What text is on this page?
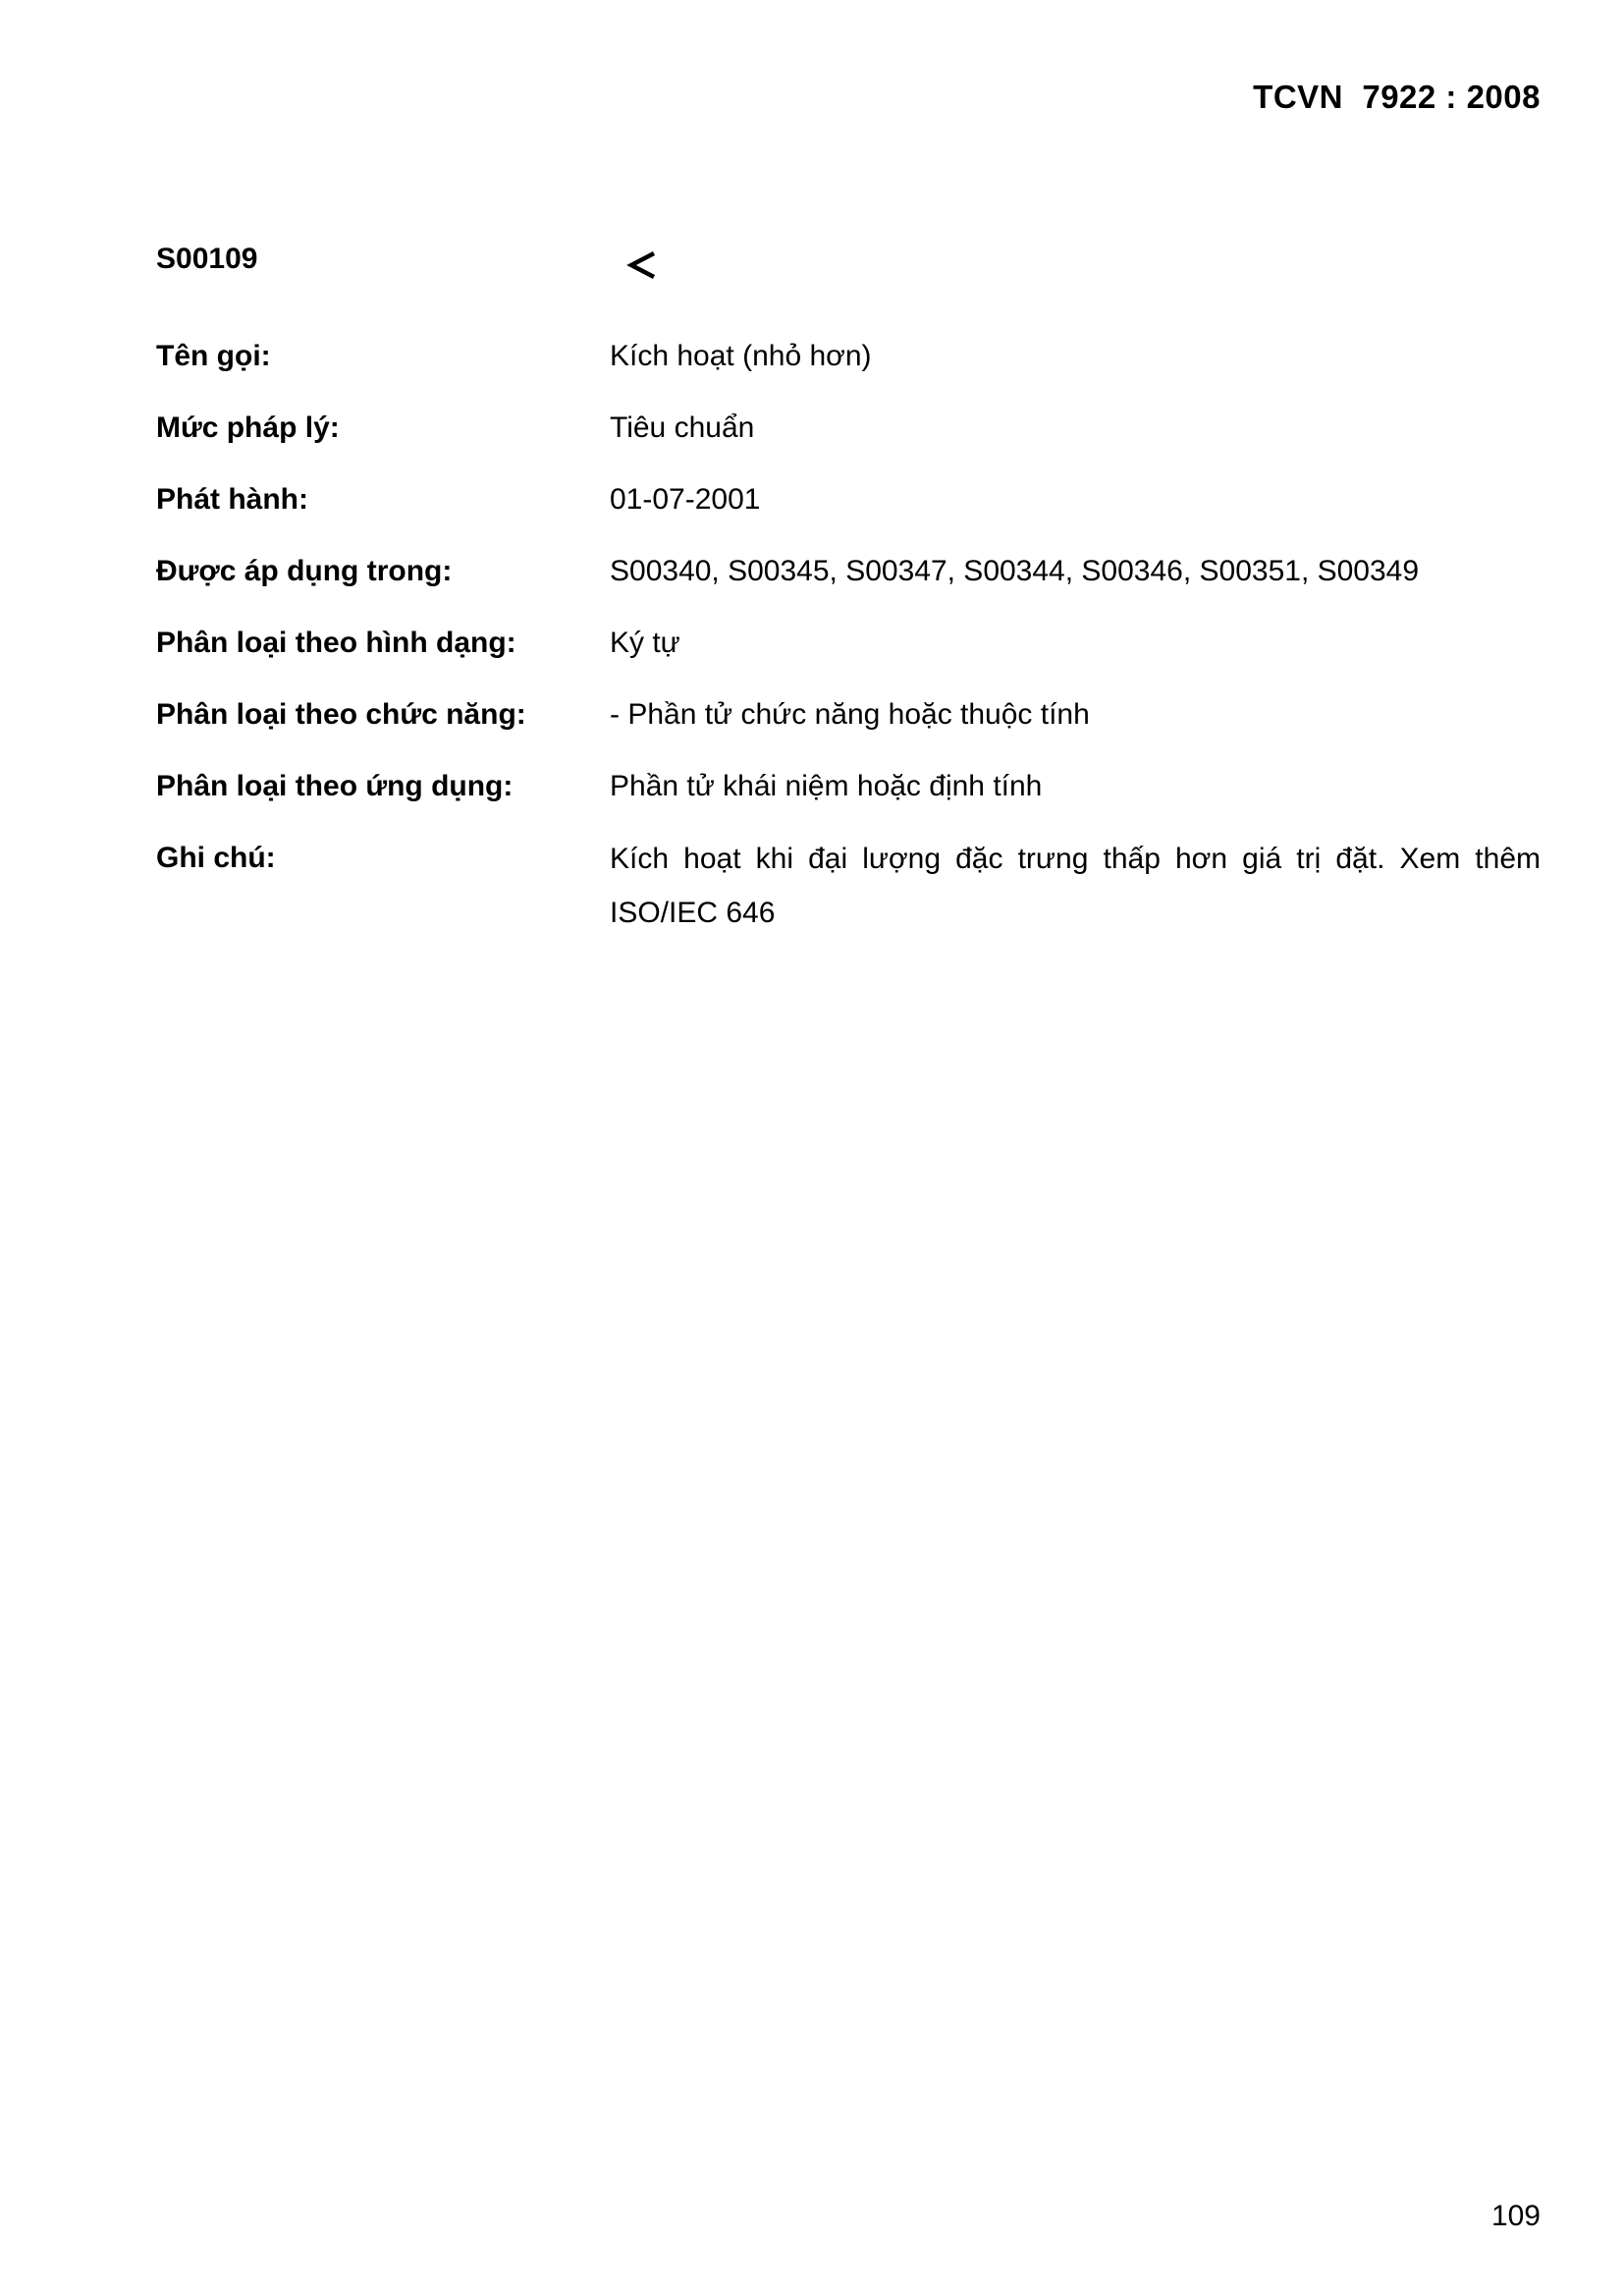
TCVN  7922 : 2008
S00109
Tên gọi:	Kích hoạt (nhỏ hơn)
Mức pháp lý:	Tiêu chuẩn
Phát hành:	01-07-2001
Được áp dụng trong:	S00340, S00345, S00347, S00344, S00346, S00351, S00349
Phân loại theo hình dạng:	Ký tự
Phân loại theo chức năng:	- Phần tử chức năng hoặc thuộc tính
Phân loại theo ứng dụng:	Phần tử khái niệm hoặc định tính
Ghi chú:	Kích hoạt khi đại lượng đặc trưng thấp hơn giá trị đặt. Xem thêm ISO/IEC 646
109
